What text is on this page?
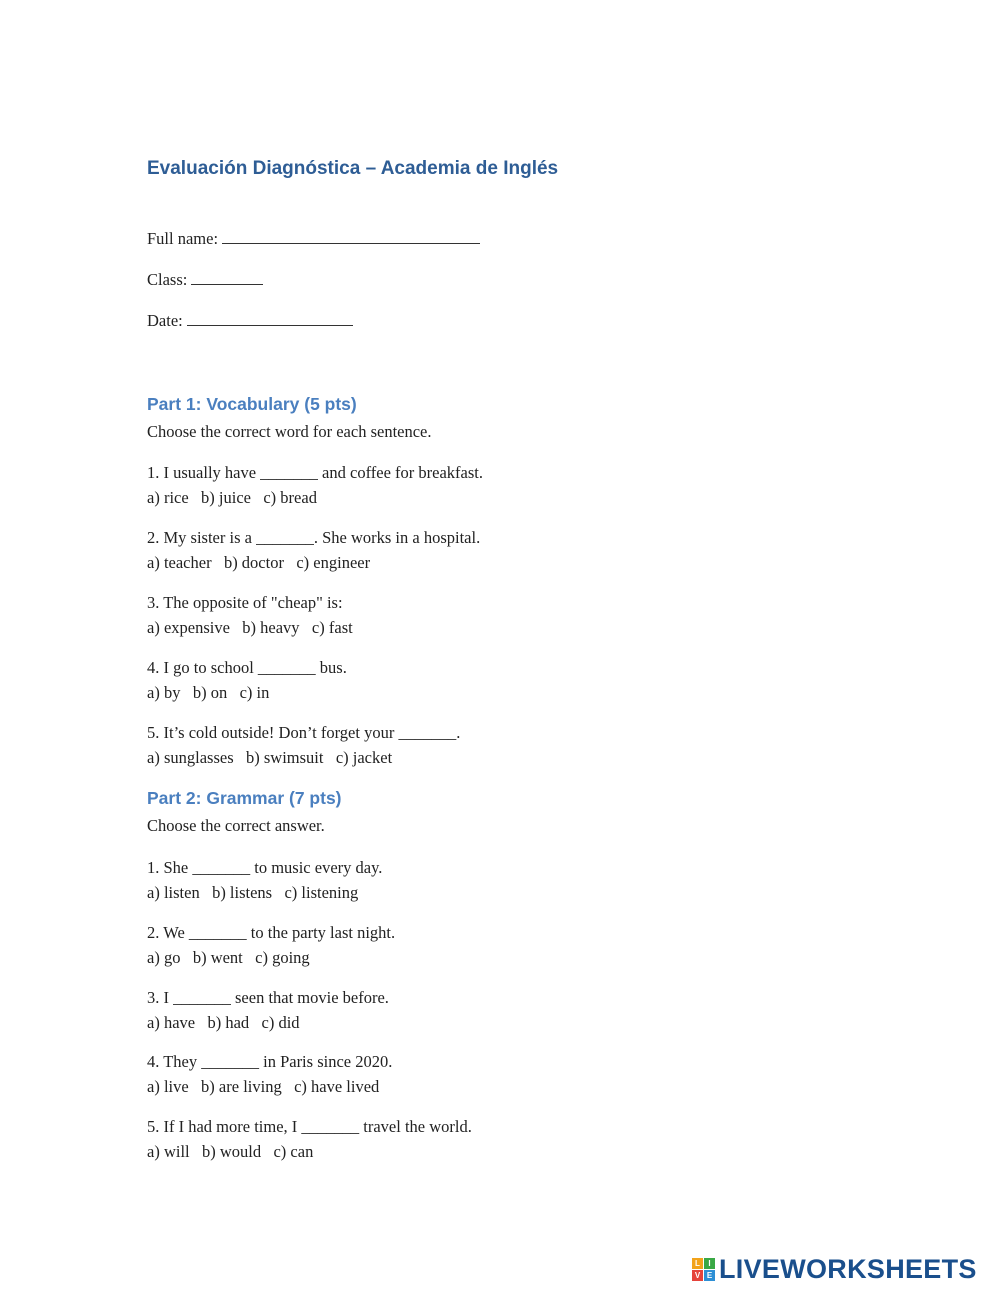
Evaluación Diagnóstica – Academia de Inglés
Full name:
Class:
Date:
Part 1: Vocabulary (5 pts)
Choose the correct word for each sentence.
1. I usually have _______ and coffee for breakfast.
a) rice   b) juice   c) bread
2. My sister is a _______. She works in a hospital.
a) teacher   b) doctor   c) engineer
3. The opposite of "cheap" is:
a) expensive   b) heavy   c) fast
4. I go to school _______ bus.
a) by   b) on   c) in
5. It’s cold outside! Don’t forget your _______.
a) sunglasses   b) swimsuit   c) jacket
Part 2: Grammar (7 pts)
Choose the correct answer.
1. She _______ to music every day.
a) listen   b) listens   c) listening
2. We _______ to the party last night.
a) go   b) went   c) going
3. I _______ seen that movie before.
a) have   b) had   c) did
4. They _______ in Paris since 2020.
a) live   b) are living   c) have lived
5. If I had more time, I _______ travel the world.
a) will   b) would   c) can
L	I
V E LIVEWORKSHEETS
